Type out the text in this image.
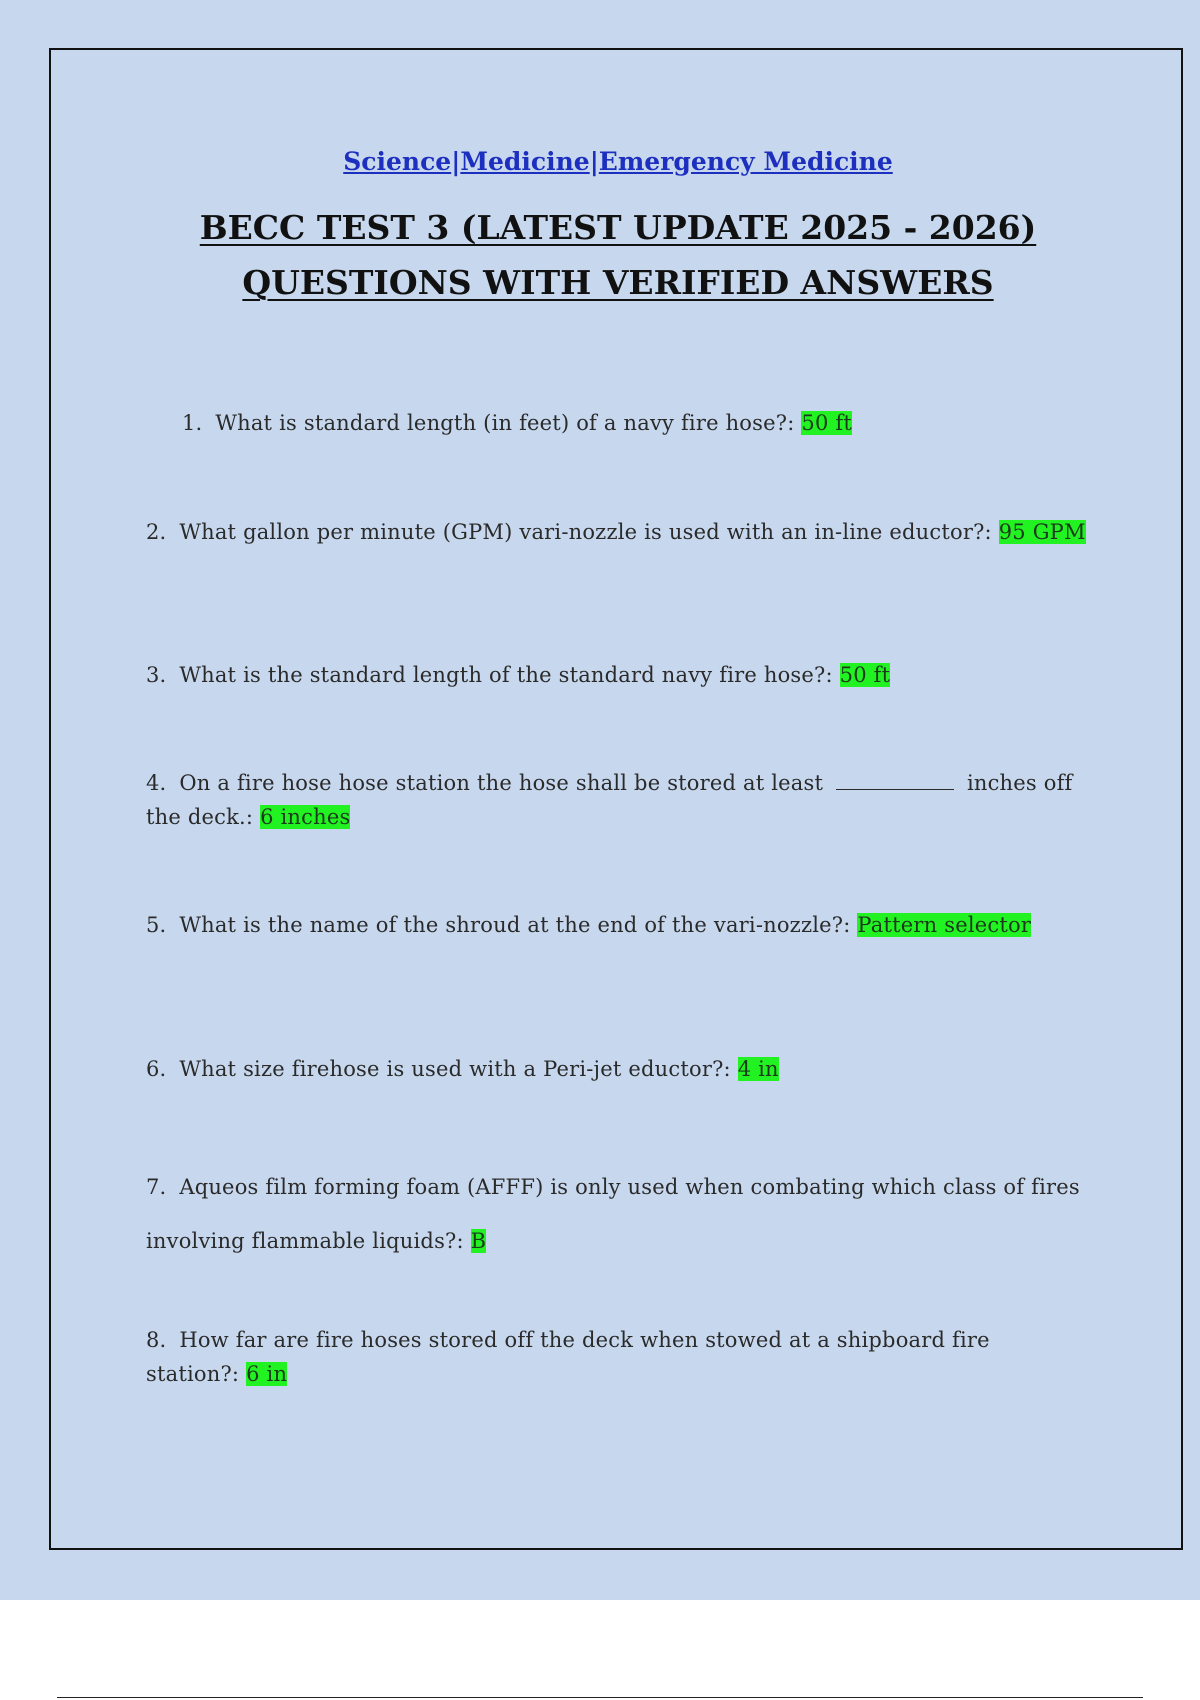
Science|Medicine|Emergency Medicine
BECC TEST 3 (LATEST UPDATE 2025 - 2026)
QUESTIONS WITH VERIFIED ANSWERS
1. What is standard length (in feet) of a navy fire hose?: 50 ft
2. What gallon per minute (GPM) vari-nozzle is used with an in-line eductor?: 95 GPM
3. What is the standard length of the standard navy fire hose?: 50 ft
4. On a fire hose hose station the hose shall be stored at least	inches off the deck.: 6 inches
5. What is the name of the shroud at the end of the vari-nozzle?: Pattern selector
6. What size firehose is used with a Peri-jet eductor?: 4 in
7. Aqueos film forming foam (AFFF) is only used when combating which class of fires involving flammable liquids?: B
8. How far are fire hoses stored off the deck when stowed at a shipboard fire station?: 6 in
